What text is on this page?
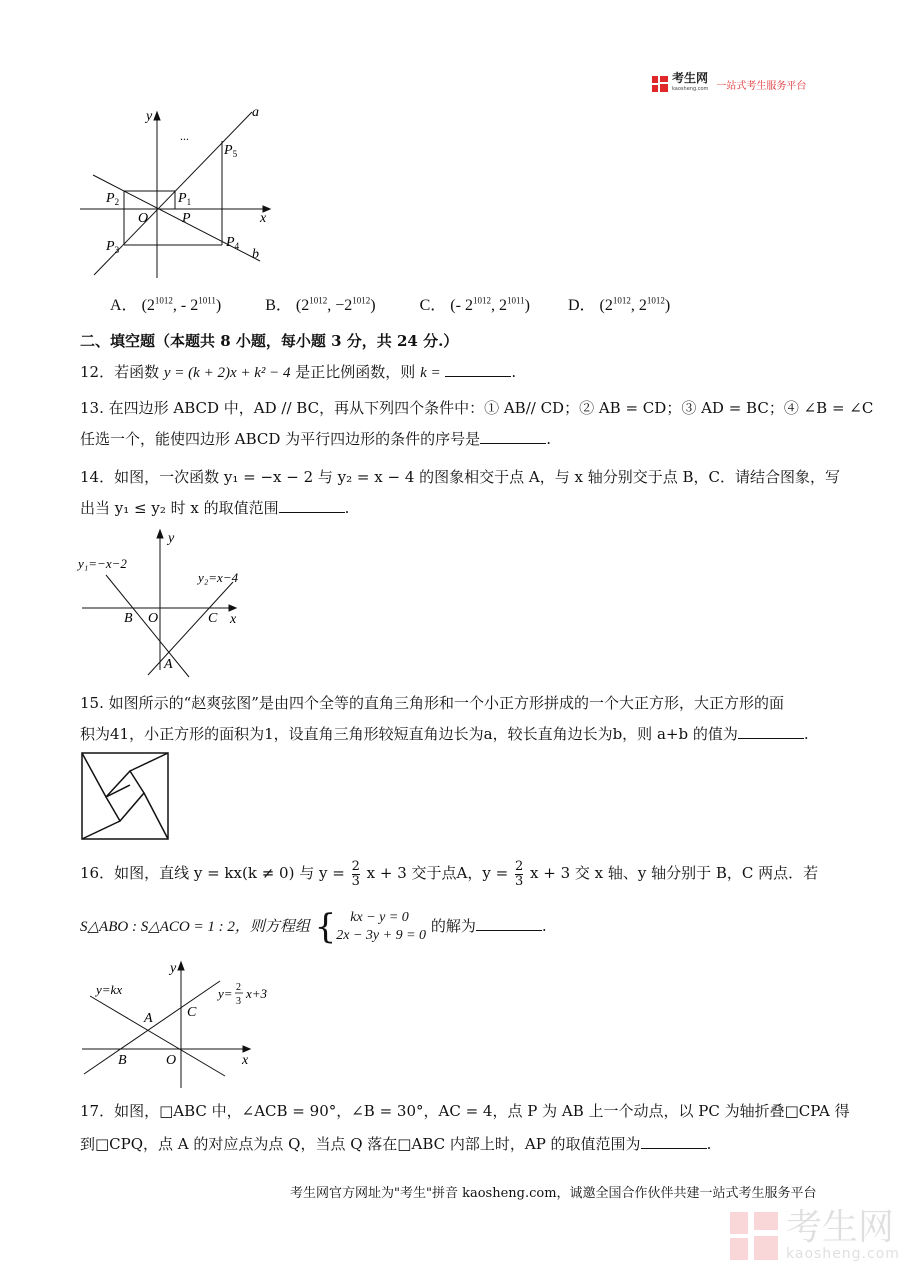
考生网
kaosheng.com 一站式考生服务平台
y
x
a
b
...
O P
$P_1$
$P_2$
$P_3$	$P_4$
$P_5$
A． ($2^{1012}$, - $2^{1011}$)	B． ($2^{1012}$, $-2^{1012}$)	C． (- $2^{1012}$, $2^{1011}$) D． ($2^{1012}$, $2^{1012}$)
二、填空题（本题共 8 小题，每小题 3 分，共 24 分.）
12．若函数 y = (k + 2)x + k² − 4 是正比例函数，则 k =	.
13. 在四边形 ABCD 中，AD // BC，再从下列四个条件中：① AB// CD；② AB = CD；③ AD = BC；④ ∠B = ∠C
任选一个，能使四边形 ABCD 为平行四边形的条件的序号是	.
14．如图，一次函数 y₁ = −x − 2 与 y₂ = x − 4 的图象相交于点 A，与 x 轴分别交于点 B，C．请结合图象，写
出当 y₁ ≤ y₂ 时 x 的取值范围	.
y
x
y₁=−x−2
y₂=x−4
B O	C
A
15. 如图所示的“赵爽弦图”是由四个全等的直角三角形和一个小正方形拼成的一个大正方形，大正方形的面
积为41，小正方形的面积为1，设直角三角形较短直角边长为a，较长直角边长为b，则 a+b 的值为	.
16．如图，直线 y = kx(k ≠ 0) 与 $y = \frac{2}{3}$ x + 3 交于点A，$y = \frac{2}{3}$ x + 3 交 x 轴、y 轴分别于 B，C 两点．若
S△ABO : S△ACO = 1 : 2，则方程组 {	kx − y = 0
2x − 3y + 9 = 0
的解为	.
y
x
y=kx	y= 2
3
x+3
A
B
C
O
17．如图，□ABC 中，∠ACB = 90°，∠B = 30°，AC = 4，点 P 为 AB 上一个动点，以 PC 为轴折叠□CPA 得
到□CPQ，点 A 的对应点为点 Q，当点 Q 落在□ABC 内部上时，AP 的取值范围为	.
考生网官方网址为"考生"拼音 kaosheng.com，诚邀全国合作伙伴共建一站式考生服务平台
考生网
kaosheng.com
